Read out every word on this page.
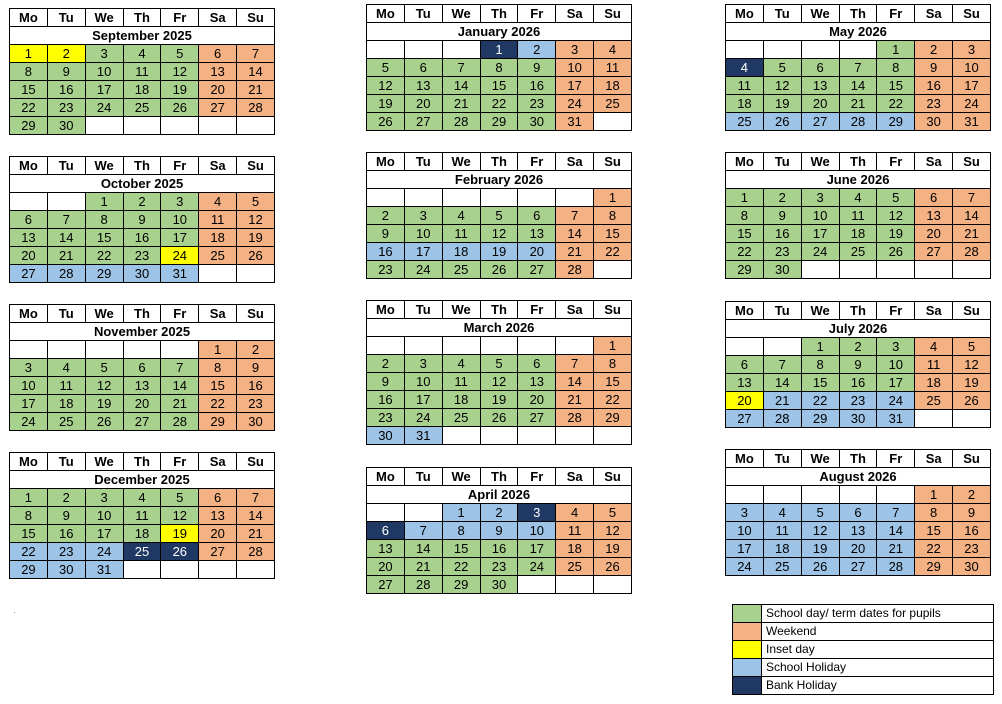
Mo	Tu	We	Th	Fr	Sa	Su
September 2025						
1	2	3	4	5	6	7
8	9	10	11	12	13	14
15	16	17	18	19	20	21
22	23	24	25	26	27	28
29	30					
Mo	Tu	We	Th	Fr	Sa	Su
October 2025						
		1	2	3	4	5
6	7	8	9	10	11	12
13	14	15	16	17	18	19
20	21	22	23	24	25	26
27	28	29	30	31		
Mo	Tu	We	Th	Fr	Sa	Su
November 2025						
					1	2
3	4	5	6	7	8	9
10	11	12	13	14	15	16
17	18	19	20	21	22	23
24	25	26	27	28	29	30
Mo	Tu	We	Th	Fr	Sa	Su
December 2025						
1	2	3	4	5	6	7
8	9	10	11	12	13	14
15	16	17	18	19	20	21
22	23	24	25	26	27	28
29	30	31				
Mo	Tu	We	Th	Fr	Sa	Su
January 2026						
			1	2	3	4
5	6	7	8	9	10	11
12	13	14	15	16	17	18
19	20	21	22	23	24	25
26	27	28	29	30	31	
Mo	Tu	We	Th	Fr	Sa	Su
February 2026						
						1
2	3	4	5	6	7	8
9	10	11	12	13	14	15
16	17	18	19	20	21	22
23	24	25	26	27	28	
Mo	Tu	We	Th	Fr	Sa	Su
March 2026						
						1
2	3	4	5	6	7	8
9	10	11	12	13	14	15
16	17	18	19	20	21	22
23	24	25	26	27	28	29
30	31					
Mo	Tu	We	Th	Fr	Sa	Su
April 2026						
		1	2	3	4	5
6	7	8	9	10	11	12
13	14	15	16	17	18	19
20	21	22	23	24	25	26
27	28	29	30			
Mo	Tu	We	Th	Fr	Sa	Su
May 2026						
				1	2	3
4	5	6	7	8	9	10
11	12	13	14	15	16	17
18	19	20	21	22	23	24
25	26	27	28	29	30	31
Mo	Tu	We	Th	Fr	Sa	Su
June 2026						
1	2	3	4	5	6	7
8	9	10	11	12	13	14
15	16	17	18	19	20	21
22	23	24	25	26	27	28
29	30					
Mo	Tu	We	Th	Fr	Sa	Su
July 2026						
		1	2	3	4	5
6	7	8	9	10	11	12
13	14	15	16	17	18	19
20	21	22	23	24	25	26
27	28	29	30	31		
Mo	Tu	We	Th	Fr	Sa	Su
August 2026						
					1	2
3	4	5	6	7	8	9
10	11	12	13	14	15	16
17	18	19	20	21	22	23
24	25	26	27	28	29	30
	School day/ term dates for pupils
	Weekend
	Inset day
	School Holiday
	Bank Holiday
